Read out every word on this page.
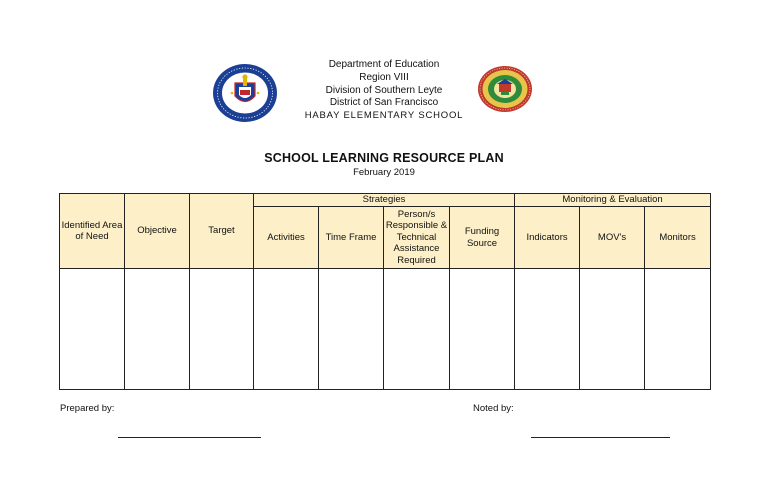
Department of Education
Region VIII
Division of Southern Leyte
District of San Francisco
HABAY ELEMENTARY SCHOOL
SCHOOL LEARNING RESOURCE PLAN
February 2019
Identified Area of Need	Objective	Target	Strategies				Monitoring & Evaluation		
			Activities	Time Frame	Person/s Responsible & Technical Assistance Required	Funding Source	Indicators	MOV's	Monitors

Prepared by:	Noted by:
